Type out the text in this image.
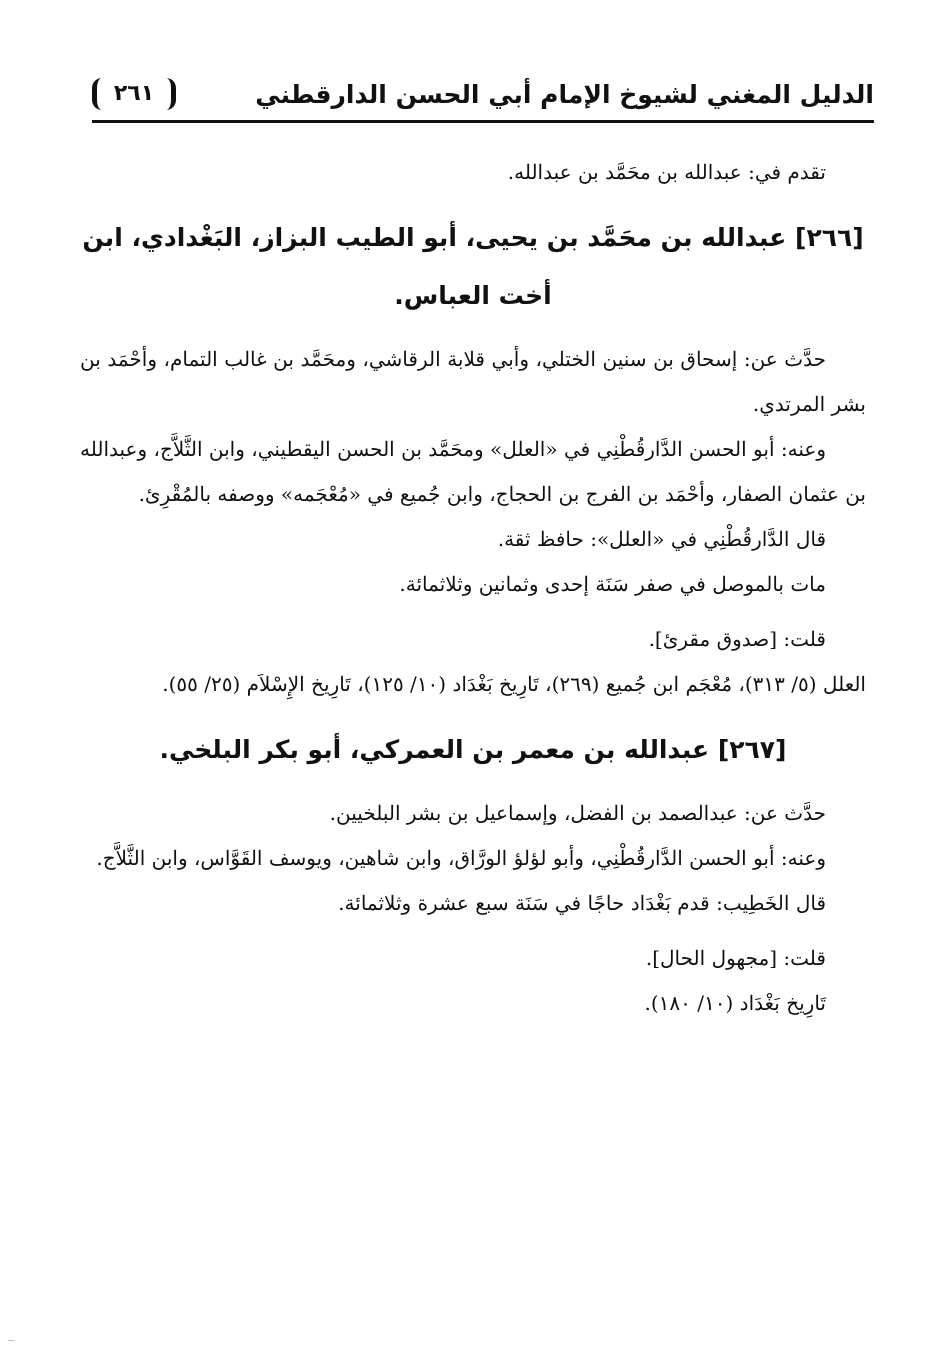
الدليل المغني لشيوخ الإمام أبي الحسن الدارقطني
٢٦١

تقدم في: عبدالله بن محَمَّد بن عبدالله.

[٢٦٦] عبدالله بن محَمَّد بن يحيى، أبو الطيب البزاز، البَغْدادي، ابن أخت العباس.

حدَّث عن: إسحاق بن سنين الختلي، وأبي قلابة الرقاشي، ومحَمَّد بن غالب التمام، وأحْمَد بن بشر المرتدي.

وعنه: أبو الحسن الدَّارقُطْنِي في «العلل» ومحَمَّد بن الحسن اليقطيني، وابن الثَّلاَّج، وعبدالله بن عثمان الصفار، وأحْمَد بن الفرج بن الحجاج، وابن جُميع في «مُعْجَمه» ووصفه بالمُقْرِئ.

قال الدَّارقُطْنِي في «العلل»: حافظ ثقة.

مات بالموصل في صفر سَنَة إحدى وثمانين وثلاثمائة.

قلت: [صدوق مقرئ].

العلل (٥/ ٣١٣)، مُعْجَم ابن جُميع (٢٦٩)، تَارِيخ بَغْدَاد (١٠/ ١٢٥)، تَارِيخ الإِسْلاَم (٢٥/ ٥٥).

[٢٦٧] عبدالله بن معمر بن العمركي، أبو بكر البلخي.

حدَّث عن: عبدالصمد بن الفضل، وإسماعيل بن بشر البلخيين.

وعنه: أبو الحسن الدَّارقُطْنِي، وأبو لؤلؤ الورَّاق، وابن شاهين، ويوسف القَوَّاس، وابن الثَّلاَّج.

قال الخَطِيب: قدم بَغْدَاد حاجًا في سَنَة سبع عشرة وثلاثمائة.

قلت: [مجهول الحال].

تَارِيخ بَغْدَاد (١٠/ ١٨٠).
